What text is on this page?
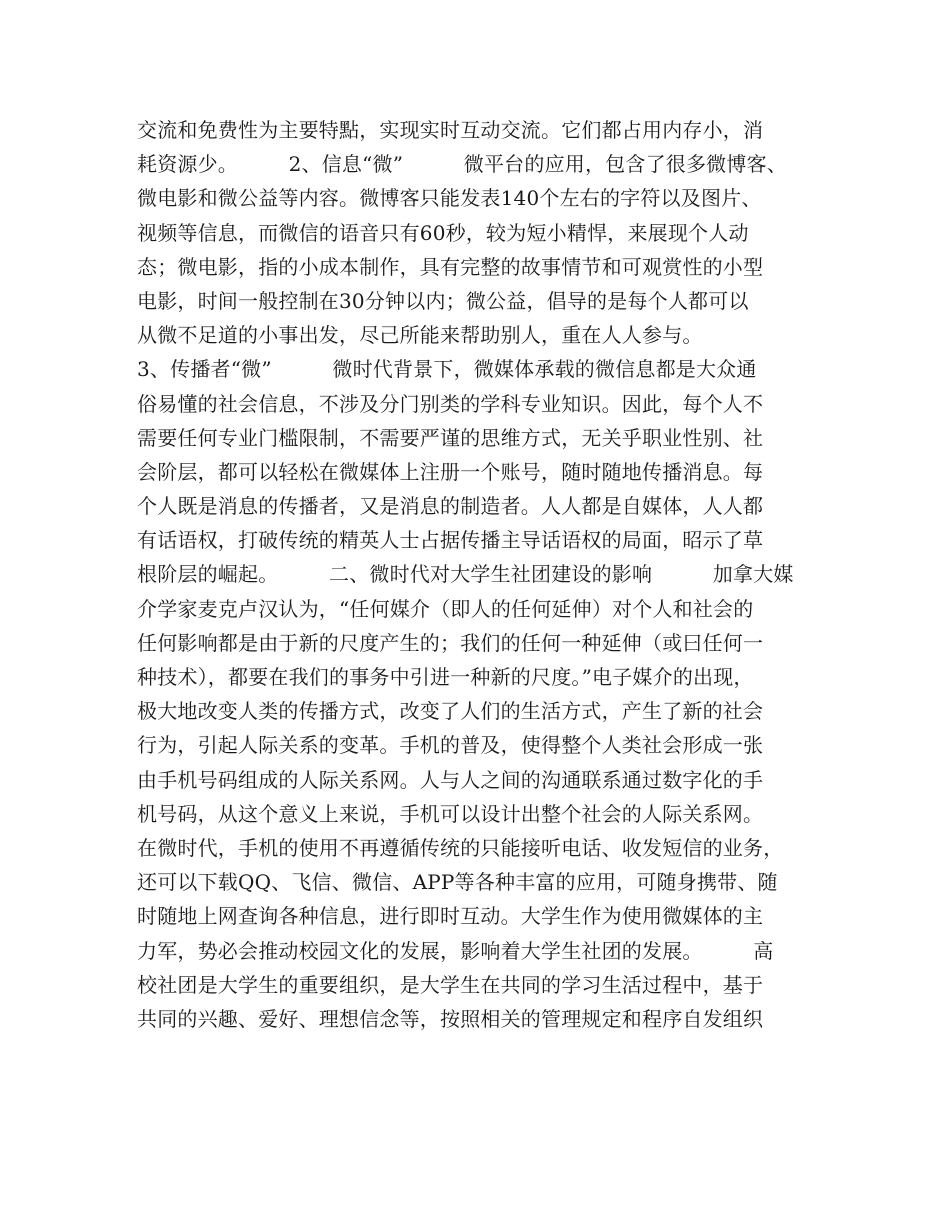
交流和免费性为主要特點，实现实时互动交流。它们都占用内存小，消
耗资源少。　　　2、信息“微”　　　微平台的应用，包含了很多微博客、
微电影和微公益等内容。微博客只能发表140个左右的字符以及图片、
视频等信息，而微信的语音只有60秒，较为短小精悍，来展现个人动
态；微电影，指的小成本制作，具有完整的故事情节和可观赏性的小型
电影，时间一般控制在30分钟以内；微公益，倡导的是每个人都可以
从微不足道的小事出发，尽己所能来帮助别人，重在人人参与。
3、传播者“微”　　　微时代背景下，微媒体承载的微信息都是大众通
俗易懂的社会信息，不涉及分门别类的学科专业知识。因此，每个人不
需要任何专业门槛限制，不需要严谨的思维方式，无关乎职业性别、社
会阶层，都可以轻松在微媒体上注册一个账号，随时随地传播消息。每
个人既是消息的传播者，又是消息的制造者。人人都是自媒体，人人都
有话语权，打破传统的精英人士占据传播主导话语权的局面，昭示了草
根阶层的崛起。　　　二、微时代对大学生社团建设的影响　　　加拿大媒
介学家麦克卢汉认为，“任何媒介（即人的任何延伸）对个人和社会的
任何影响都是由于新的尺度产生的；我们的任何一种延伸（或曰任何一
种技术），都要在我们的事务中引进一种新的尺度。”电子媒介的出现，
极大地改变人类的传播方式，改变了人们的生活方式，产生了新的社会
行为，引起人际关系的变革。手机的普及，使得整个人类社会形成一张
由手机号码组成的人际关系网。人与人之间的沟通联系通过数字化的手
机号码，从这个意义上来说，手机可以设计出整个社会的人际关系网。
在微时代，手机的使用不再遵循传统的只能接听电话、收发短信的业务，
还可以下载QQ、飞信、微信、APP等各种丰富的应用，可随身携带、随
时随地上网查询各种信息，进行即时互动。大学生作为使用微媒体的主
力军，势必会推动校园文化的发展，影响着大学生社团的发展。　　　高
校社团是大学生的重要组织，是大学生在共同的学习生活过程中，基于
共同的兴趣、爱好、理想信念等，按照相关的管理规定和程序自发组织
